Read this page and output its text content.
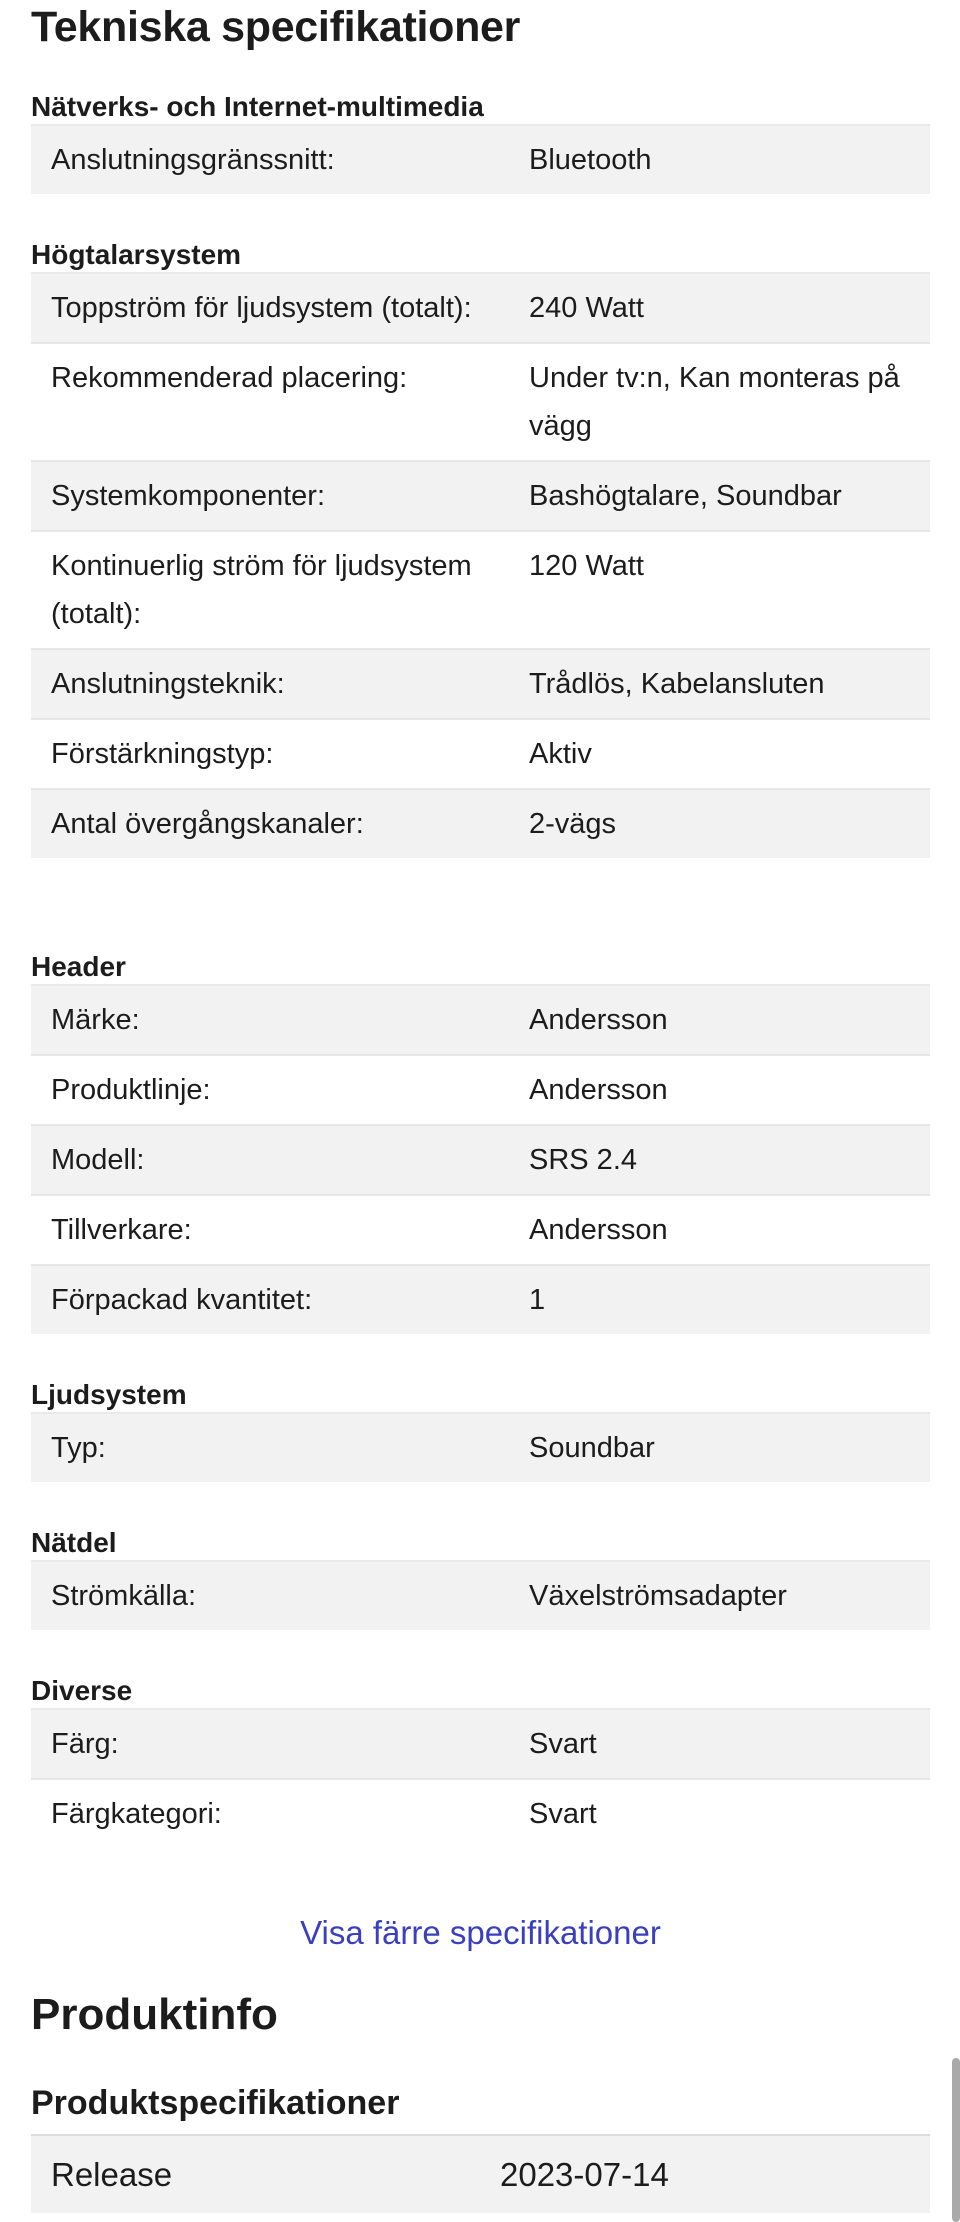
Tekniska specifikationer
Nätverks- och Internet-multimedia
Anslutningsgränssnitt:	Bluetooth
Högtalarsystem
Toppström för ljudsystem (totalt):	240 Watt
Rekommenderad placering:	Under tv:n, Kan monteras på vägg
Systemkomponenter:	Bashögtalare, Soundbar
Kontinuerlig ström för ljudsystem (totalt):	120 Watt
Anslutningsteknik:	Trådlös, Kabelansluten
Förstärkningstyp:	Aktiv
Antal övergångskanaler:	2-vägs
Header
Märke:	Andersson
Produktlinje:	Andersson
Modell:	SRS 2.4
Tillverkare:	Andersson
Förpackad kvantitet:	1
Ljudsystem
Typ:	Soundbar
Nätdel
Strömkälla:	Växelströmsadapter
Diverse
Färg:	Svart
Färgkategori:	Svart
Visa färre specifikationer
Produktinfo
Produktspecifikationer
Release	2023-07-14
